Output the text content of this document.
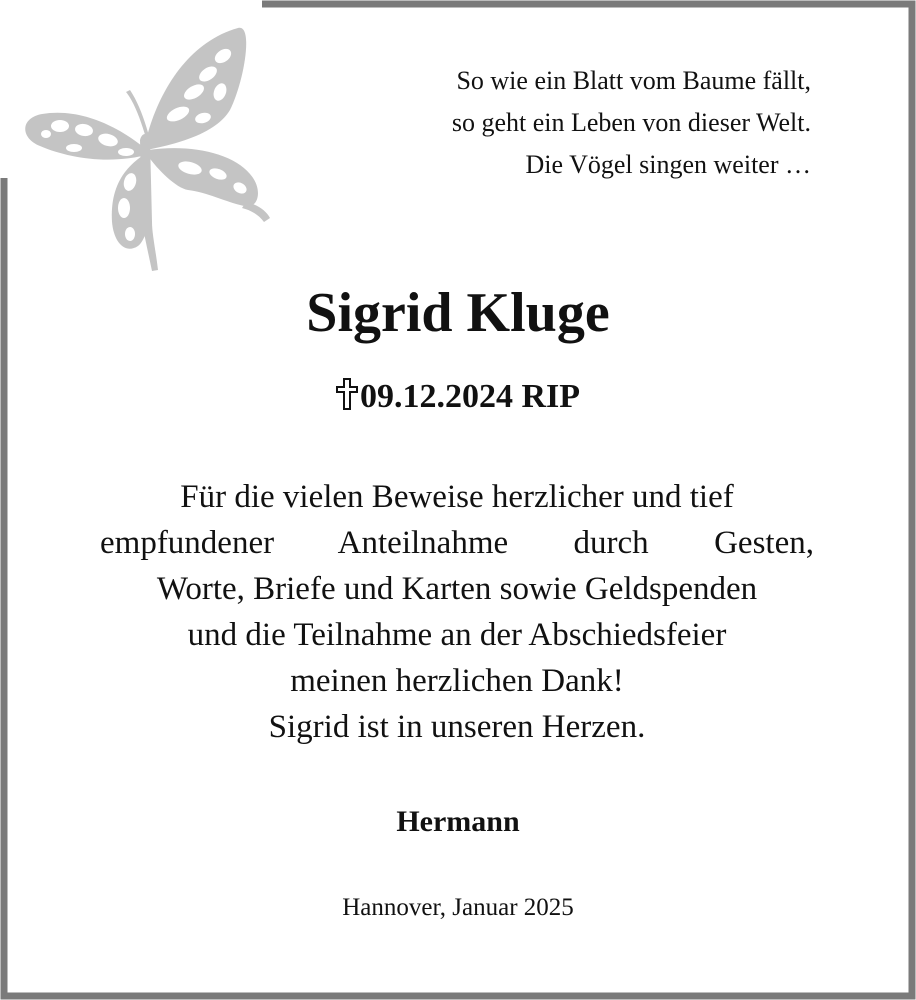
So wie ein Blatt vom Baume fällt,
so geht ein Leben von dieser Welt.
Die Vögel singen weiter …
Sigrid Kluge
09.12.2024 RIP
Für die vielen Beweise herzlicher und tief
empfundener Anteilnahme durch Gesten,
Worte, Briefe und Karten sowie Geldspenden
und die Teilnahme an der Abschiedsfeier
meinen herzlichen Dank!
Sigrid ist in unseren Herzen.
Hermann
Hannover, Januar 2025
